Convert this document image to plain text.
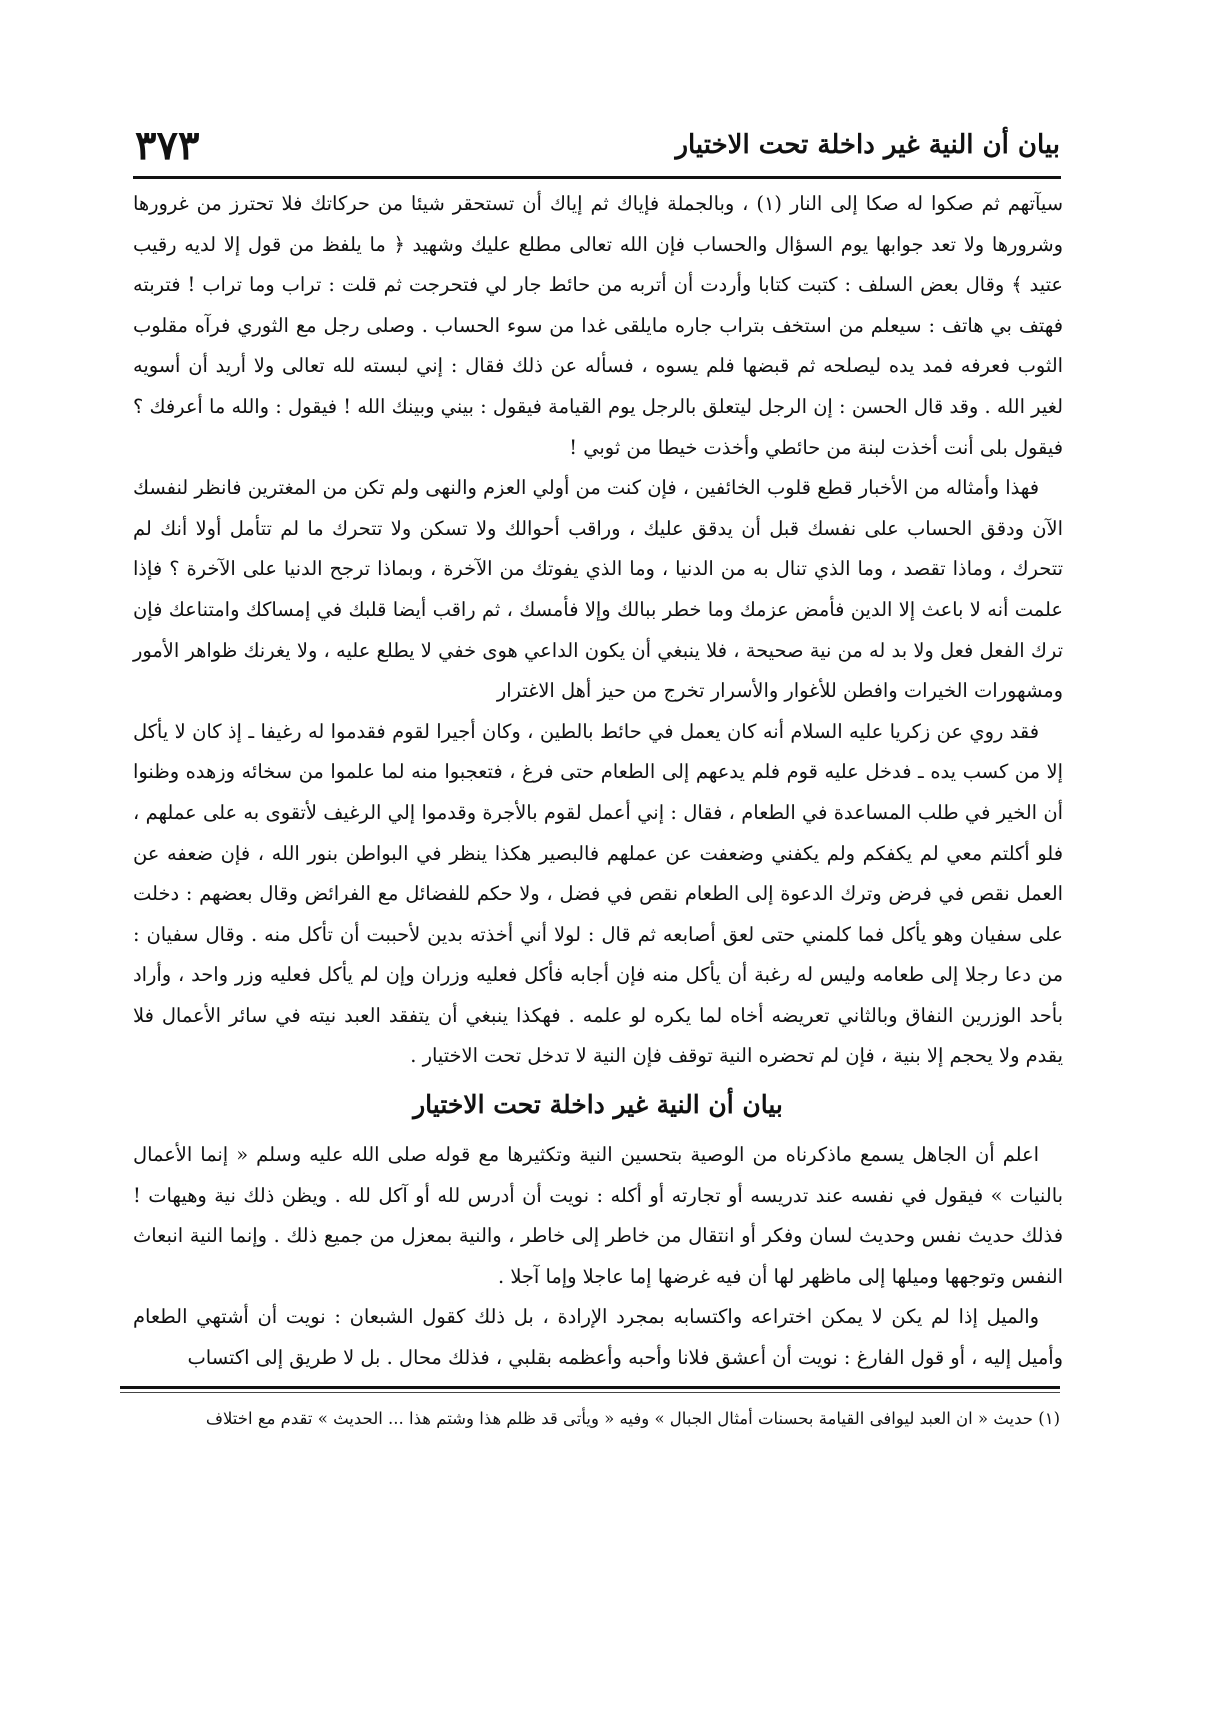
بيان أن النية غير داخلة تحت الاختيار
٣٧٣

سيآتهم ثم صكوا له صكا إلى النار (١) ، وبالجملة فإياك ثم إياك أن تستحقر شيئا من حركاتك فلا تحترز من غرورها وشرورها ولا تعد جوابها يوم السؤال والحساب فإن الله تعالى مطلع عليك وشهيد ﴿ ما يلفظ من قول إلا لديه رقيب عتيد ﴾ وقال بعض السلف : كتبت كتابا وأردت أن أتربه من حائط جار لي فتحرجت ثم قلت : تراب وما تراب ! فتربته فهتف بي هاتف : سيعلم من استخف بتراب جاره مايلقى غدا من سوء الحساب . وصلى رجل مع الثوري فرآه مقلوب الثوب فعرفه فمد يده ليصلحه ثم قبضها فلم يسوه ، فسأله عن ذلك فقال : إني لبسته لله تعالى ولا أريد أن أسويه لغير الله . وقد قال الحسن : إن الرجل ليتعلق بالرجل يوم القيامة فيقول : بيني وبينك الله ! فيقول : والله ما أعرفك ؟ فيقول بلى أنت أخذت لبنة من حائطي وأخذت خيطا من ثوبي !

فهذا وأمثاله من الأخبار قطع قلوب الخائفين ، فإن كنت من أولي العزم والنهى ولم تكن من المغترين فانظر لنفسك الآن ودقق الحساب على نفسك قبل أن يدقق عليك ، وراقب أحوالك ولا تسكن ولا تتحرك ما لم تتأمل أولا أنك لم تتحرك ، وماذا تقصد ، وما الذي تنال به من الدنيا ، وما الذي يفوتك من الآخرة ، وبماذا ترجح الدنيا على الآخرة ؟ فإذا علمت أنه لا باعث إلا الدين فأمض عزمك وما خطر ببالك وإلا فأمسك ، ثم راقب أيضا قلبك في إمساكك وامتناعك فإن ترك الفعل فعل ولا بد له من نية صحيحة ، فلا ينبغي أن يكون الداعي هوى خفي لا يطلع عليه ، ولا يغرنك ظواهر الأمور ومشهورات الخيرات وافطن للأغوار والأسرار تخرج من حيز أهل الاغترار

فقد روي عن زكريا عليه السلام أنه كان يعمل في حائط بالطين ، وكان أجيرا لقوم فقدموا له رغيفا ـ إذ كان لا يأكل إلا من كسب يده ـ فدخل عليه قوم فلم يدعهم إلى الطعام حتى فرغ ، فتعجبوا منه لما علموا من سخائه وزهده وظنوا أن الخير في طلب المساعدة في الطعام ، فقال : إني أعمل لقوم بالأجرة وقدموا إلي الرغيف لأتقوى به على عملهم ، فلو أكلتم معي لم يكفكم ولم يكفني وضعفت عن عملهم فالبصير هكذا ينظر في البواطن بنور الله ، فإن ضعفه عن العمل نقص في فرض وترك الدعوة إلى الطعام نقص في فضل ، ولا حكم للفضائل مع الفرائض وقال بعضهم : دخلت على سفيان وهو يأكل فما كلمني حتى لعق أصابعه ثم قال : لولا أني أخذته بدين لأحببت أن تأكل منه . وقال سفيان : من دعا رجلا إلى طعامه وليس له رغبة أن يأكل منه فإن أجابه فأكل فعليه وزران وإن لم يأكل فعليه وزر واحد ، وأراد بأحد الوزرين النفاق وبالثاني تعريضه أخاه لما يكره لو علمه . فهكذا ينبغي أن يتفقد العبد نيته في سائر الأعمال فلا يقدم ولا يحجم إلا بنية ، فإن لم تحضره النية توقف فإن النية لا تدخل تحت الاختيار .

بيان أن النية غير داخلة تحت الاختيار

اعلم أن الجاهل يسمع ماذكرناه من الوصية بتحسين النية وتكثيرها مع قوله صلى الله عليه وسلم « إنما الأعمال بالنيات » فيقول في نفسه عند تدريسه أو تجارته أو أكله : نويت أن أدرس لله أو آكل لله . ويظن ذلك نية وهيهات ! فذلك حديث نفس وحديث لسان وفكر أو انتقال من خاطر إلى خاطر ، والنية بمعزل من جميع ذلك . وإنما النية انبعاث النفس وتوجهها وميلها إلى ماظهر لها أن فيه غرضها إما عاجلا وإما آجلا .

والميل إذا لم يكن لا يمكن اختراعه واكتسابه بمجرد الإرادة ، بل ذلك كقول الشبعان : نويت أن أشتهي الطعام وأميل إليه ، أو قول الفارغ : نويت أن أعشق فلانا وأحبه وأعظمه بقلبي ، فذلك محال . بل لا طريق إلى اكتساب

(١) حديث « ان العبد ليوافى القيامة بحسنات أمثال الجبال » وفيه « ويأتى قد ظلم هذا وشتم هذا ... الحديث » تقدم مع اختلاف
